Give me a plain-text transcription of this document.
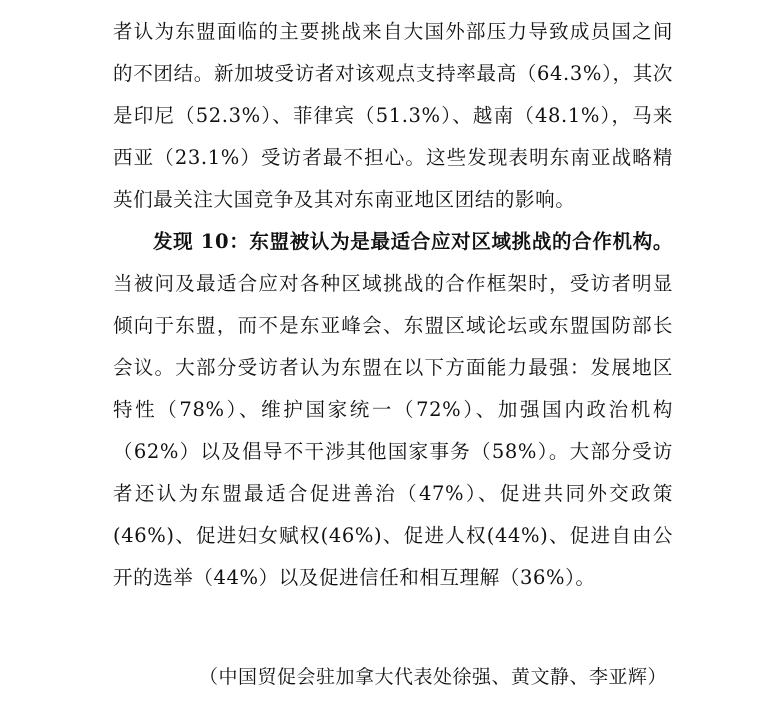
者认为东盟面临的主要挑战来自大国外部压力导致成员国之间的不团结。新加坡受访者对该观点支持率最高（64.3%），其次是印尼（52.3%）、菲律宾（51.3%）、越南（48.1%），马来西亚（23.1%）受访者最不担心。这些发现表明东南亚战略精英们最关注大国竞争及其对东南亚地区团结的影响。

发现 10：东盟被认为是最适合应对区域挑战的合作机构。当被问及最适合应对各种区域挑战的合作框架时，受访者明显倾向于东盟，而不是东亚峰会、东盟区域论坛或东盟国防部长会议。大部分受访者认为东盟在以下方面能力最强：发展地区特性（78%）、维护国家统一（72%）、加强国内政治机构（62%）以及倡导不干涉其他国家事务（58%）。大部分受访者还认为东盟最适合促进善治（47%）、促进共同外交政策(46%)、促进妇女赋权(46%)、促进人权(44%)、促进自由公开的选举（44%）以及促进信任和相互理解（36%）。

（中国贸促会驻加拿大代表处徐强、黄文静、李亚辉）
